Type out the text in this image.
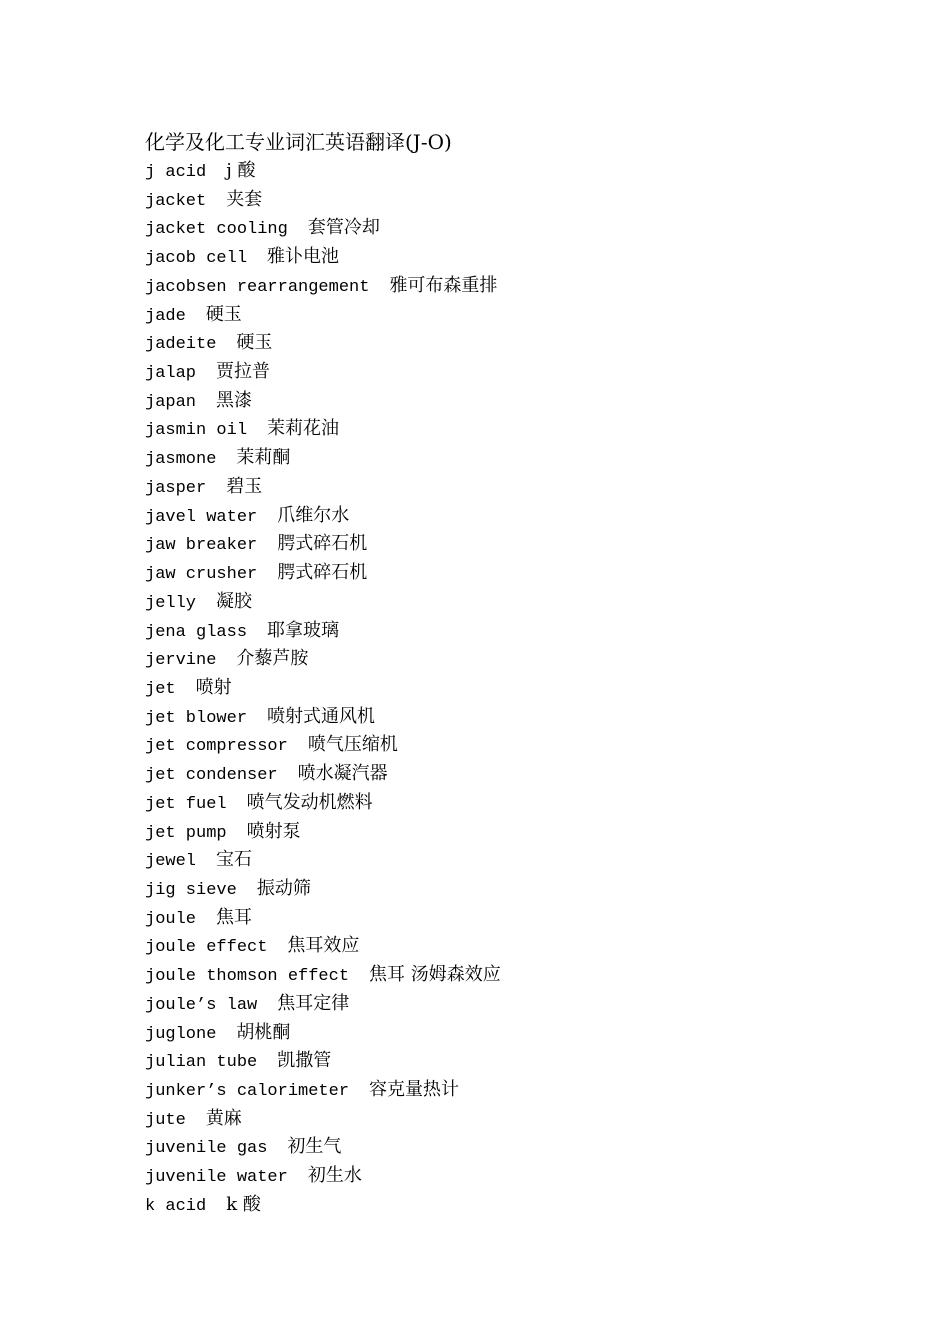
化学及化工专业词汇英语翻译(J-O)
j acid j 酸
jacket 夹套
jacket cooling 套管冷却
jacob cell 雅讣电池
jacobsen rearrangement 雅可布森重排
jade 硬玉
jadeite 硬玉
jalap 贾拉普
japan 黑漆
jasmin oil 茉莉花油
jasmone 茉莉酮
jasper 碧玉
javel water 爪维尔水
jaw breaker 腭式碎石机
jaw crusher 腭式碎石机
jelly 凝胶
jena glass 耶拿玻璃
jervine 介藜芦胺
jet 喷射
jet blower 喷射式通风机
jet compressor 喷气压缩机
jet condenser 喷水凝汽器
jet fuel 喷气发动机燃料
jet pump 喷射泵
jewel 宝石
jig sieve 振动筛
joule 焦耳
joule effect 焦耳效应
joule thomson effect 焦耳 汤姆森效应
joule’s law 焦耳定律
juglone 胡桃酮
julian tube 凯撒管
junker’s calorimeter 容克量热计
jute 黄麻
juvenile gas 初生气
juvenile water 初生水
k acid k 酸
